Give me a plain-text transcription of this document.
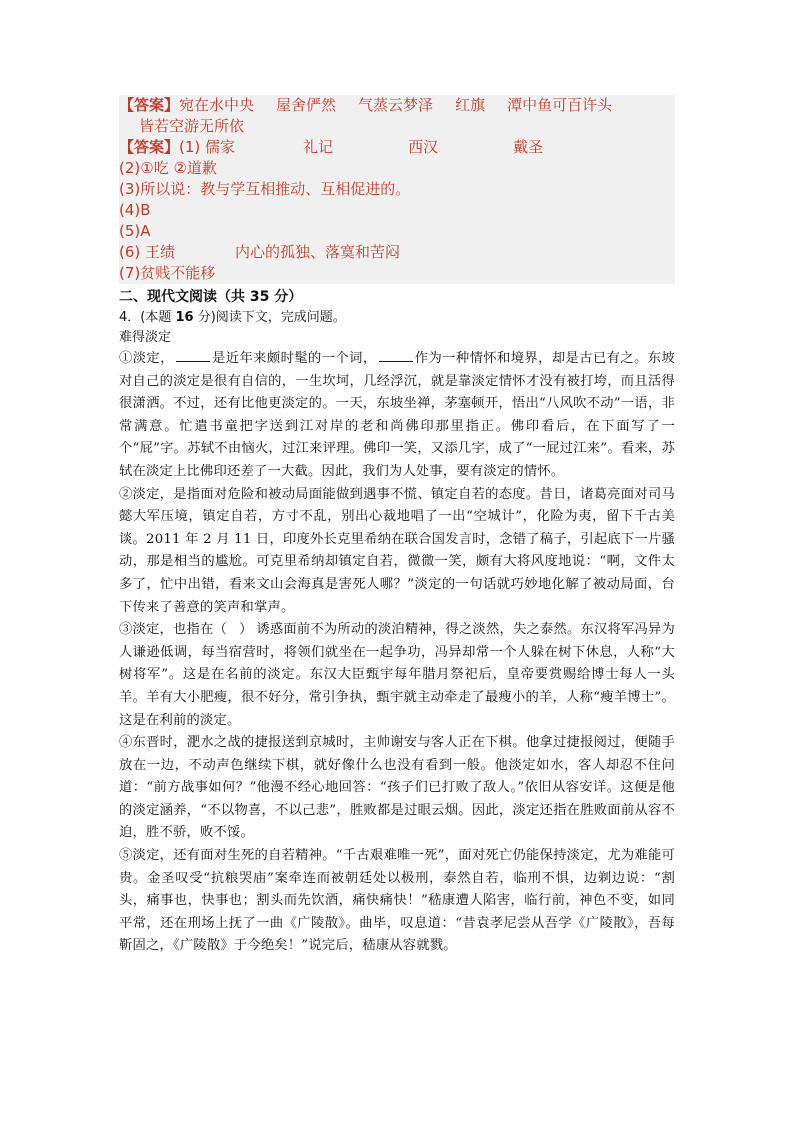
【答案】宛在水中央 屋舍俨然 气蒸云梦泽 红旗 潭中鱼可百许头
皆若空游无所依
【答案】(1) 儒家	礼记	西汉	戴圣
(2)①吃 ②道歉
(3)所以说：教与学互相推动、互相促进的。
(4)B
(5)A
(6) 王绩	内心的孤独、落寞和苦闷
(7)贫贱不能移
二、现代文阅读（共 35 分）
4．(本题 16 分)阅读下文，完成问题。
难得淡定
①淡定，	是近年来颇时髦的一个词，	作为一种情怀和境界，却是古已有之。东坡对自己的淡定是很有自信的，一生坎坷，几经浮沉，就是靠淡定情怀才没有被打垮，而且活得很潇洒。不过，还有比他更淡定的。一天，东坡坐禅，茅塞顿开，悟出“八风吹不动”一语，非常满意。忙遣书童把字送到江对岸的老和尚佛印那里指正。佛印看后，在下面写了一个“屁”字。苏轼不由恼火，过江来评理。佛印一笑，又添几字，成了“一屁过江来”。看来，苏轼在淡定上比佛印还差了一大截。因此，我们为人处事，要有淡定的情怀。
②淡定，是指面对危险和被动局面能做到遇事不慌、镇定自若的态度。昔日，诸葛亮面对司马懿大军压境，镇定自若，方寸不乱，别出心裁地唱了一出“空城计”，化险为夷，留下千古美谈。2011 年 2 月 11 日，印度外长克里希纳在联合国发言时，念错了稿子，引起底下一片骚动，那是相当的尴尬。可克里希纳却镇定自若，微微一笑，颇有大将风度地说：“啊，文件太多了，忙中出错，看来文山会海真是害死人哪？”淡定的一句话就巧妙地化解了被动局面，台下传来了善意的笑声和掌声。
③淡定，也指在（ ）诱惑面前不为所动的淡泊精神，得之淡然，失之泰然。东汉将军冯异为人谦逊低调，每当宿营时，将领们就坐在一起争功，冯异却常一个人躲在树下休息，人称“大树将军”。这是在名前的淡定。东汉大臣甄宇每年腊月祭祀后，皇帝要赏赐给博士每人一头羊。羊有大小肥瘦，很不好分，常引争执，甄宇就主动牵走了最瘦小的羊，人称“瘦羊博士”。这是在利前的淡定。
④东晋时，淝水之战的捷报送到京城时，主帅谢安与客人正在下棋。他拿过捷报阅过，便随手放在一边，不动声色继续下棋，就好像什么也没有看到一般。他淡定如水，客人却忍不住问道：“前方战事如何？”他漫不经心地回答：“孩子们已打败了敌人。”依旧从容安详。这便是他的淡定涵养，“不以物喜，不以己悲”，胜败都是过眼云烟。因此，淡定还指在胜败面前从容不迫，胜不骄，败不馁。
⑤淡定，还有面对生死的自若精神。“千古艰难唯一死”，面对死亡仍能保持淡定，尤为难能可贵。金圣叹受“抗粮哭庙”案牵连而被朝廷处以极刑，泰然自若，临刑不惧，边剃边说：“割头，痛事也，快事也；割头而先饮酒，痛快痛快！”嵇康遭人陷害，临行前，神色不变，如同平常，还在刑场上抚了一曲《广陵散》。曲毕，叹息道：“昔袁孝尼尝从吾学《广陵散》，吾每靳固之，《广陵散》于今绝矣！”说完后，嵇康从容就戮。
